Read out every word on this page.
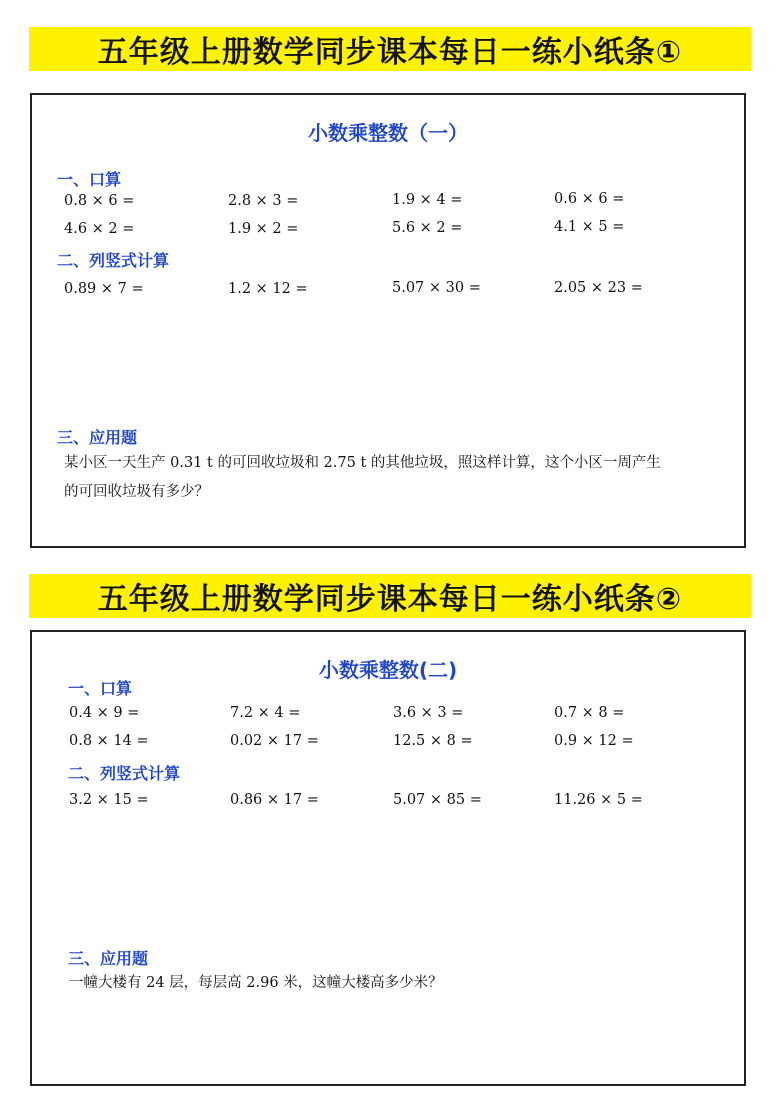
五年级上册数学同步课本每日一练小纸条①
小数乘整数（一）
一、口算
0.8 × 6 =	2.8 × 3 =	1.9 × 4 =	0.6 × 6 =
4.6 × 2 =	1.9 × 2 =	5.6 × 2 =	4.1 × 5 =
二、列竖式计算
0.89 × 7 =	1.2 × 12 =	5.07 × 30 =	2.05 × 23 =
三、应用题
某小区一天生产 0.31 t 的可回收垃圾和 2.75 t 的其他垃圾，照这样计算，这个小区一周产生
的可回收垃圾有多少？
五年级上册数学同步课本每日一练小纸条②
小数乘整数(二)
一、口算
0.4 × 9 =	7.2 × 4 =	3.6 × 3 =	0.7 × 8 =
0.8 × 14 =	0.02 × 17 =	12.5 × 8 =	0.9 × 12 =
二、列竖式计算
3.2 × 15 =	0.86 × 17 =	5.07 × 85 =	11.26 × 5 =
三、应用题
一幢大楼有 24 层，每层高 2.96 米，这幢大楼高多少米？
